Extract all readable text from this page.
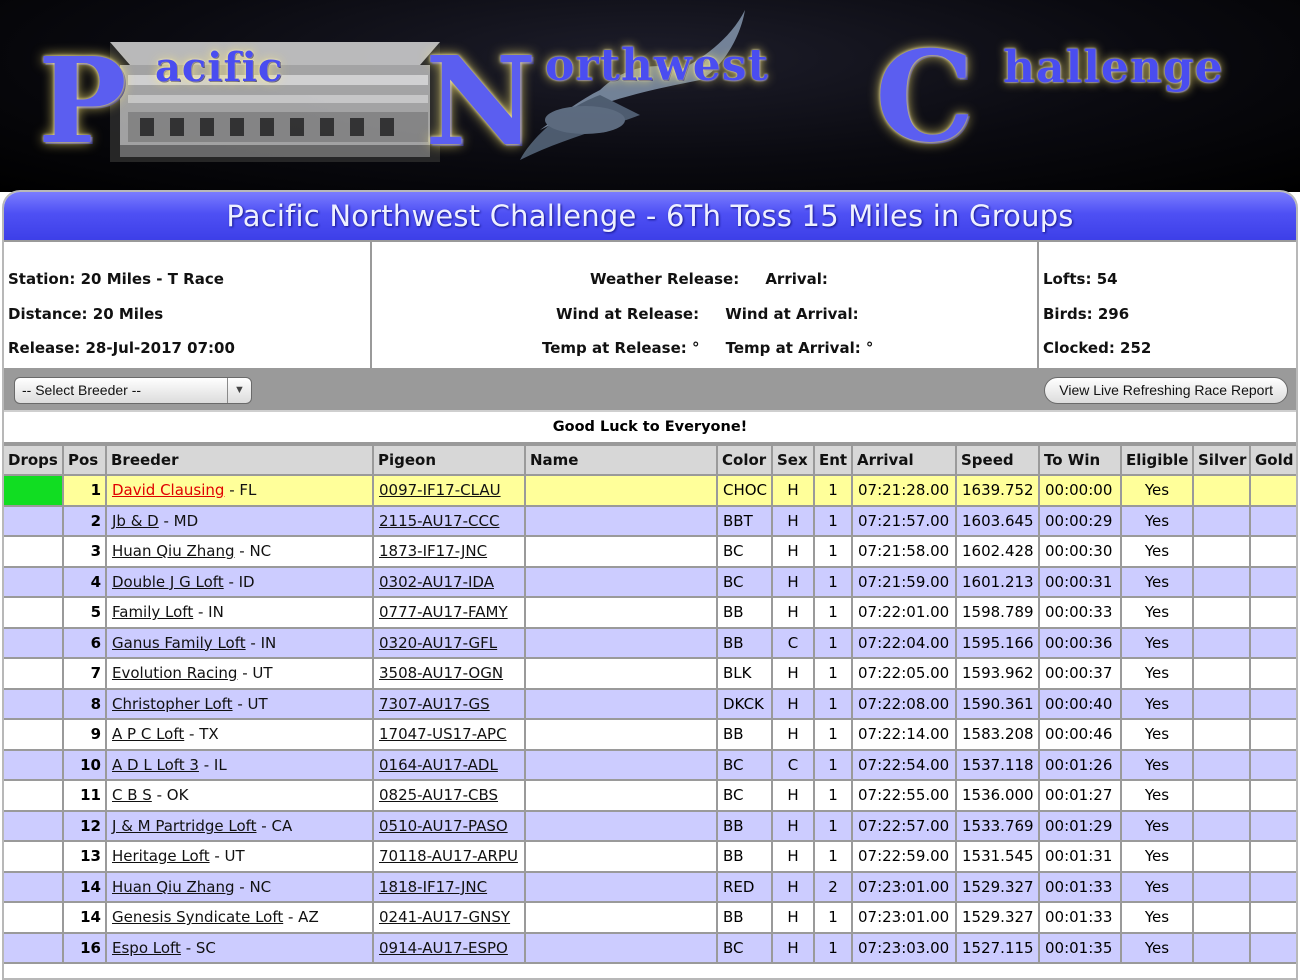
P acific N orthwest C hallenge
Pacific Northwest Challenge - 6Th Toss 15 Miles in Groups
Station: 20 Miles - T Race
Distance: 20 Miles
Release: 28-Jul-2017 07:00
Weather Release:     Arrival:
Wind at Release:     Wind at Arrival:
Temp at Release: °     Temp at Arrival: °
Lofts: 54
Birds: 296
Clocked: 252
-- Select Breeder --	▼	View Live Refreshing Race Report
Good Luck to Everyone!
Drops	Pos	Breeder	Pigeon	Name	Color	Sex	Ent	Arrival	Speed	To Win	Eligible	Silver	Gold
	1	David Clausing - FL	0097-IF17-CLAU		CHOC	H	1	07:21:28.00	1639.752	00:00:00	Yes		
	2	Jb & D - MD	2115-AU17-CCC		BBT	H	1	07:21:57.00	1603.645	00:00:29	Yes		
	3	Huan Qiu Zhang - NC	1873-IF17-JNC		BC	H	1	07:21:58.00	1602.428	00:00:30	Yes		
	4	Double J G Loft - ID	0302-AU17-IDA		BC	H	1	07:21:59.00	1601.213	00:00:31	Yes		
	5	Family Loft - IN	0777-AU17-FAMY		BB	H	1	07:22:01.00	1598.789	00:00:33	Yes		
	6	Ganus Family Loft - IN	0320-AU17-GFL		BB	C	1	07:22:04.00	1595.166	00:00:36	Yes		
	7	Evolution Racing - UT	3508-AU17-OGN		BLK	H	1	07:22:05.00	1593.962	00:00:37	Yes		
	8	Christopher Loft - UT	7307-AU17-GS		DKCK	H	1	07:22:08.00	1590.361	00:00:40	Yes		
	9	A P C Loft - TX	17047-US17-APC		BB	H	1	07:22:14.00	1583.208	00:00:46	Yes		
	10	A D L Loft 3 - IL	0164-AU17-ADL		BC	C	1	07:22:54.00	1537.118	00:01:26	Yes		
	11	C B S - OK	0825-AU17-CBS		BC	H	1	07:22:55.00	1536.000	00:01:27	Yes		
	12	J & M Partridge Loft - CA	0510-AU17-PASO		BB	H	1	07:22:57.00	1533.769	00:01:29	Yes		
	13	Heritage Loft - UT	70118-AU17-ARPU		BB	H	1	07:22:59.00	1531.545	00:01:31	Yes		
	14	Huan Qiu Zhang - NC	1818-IF17-JNC		RED	H	2	07:23:01.00	1529.327	00:01:33	Yes		
	14	Genesis Syndicate Loft - AZ	0241-AU17-GNSY		BB	H	1	07:23:01.00	1529.327	00:01:33	Yes		
	16	Espo Loft - SC	0914-AU17-ESPO		BC	H	1	07:23:03.00	1527.115	00:01:35	Yes		
